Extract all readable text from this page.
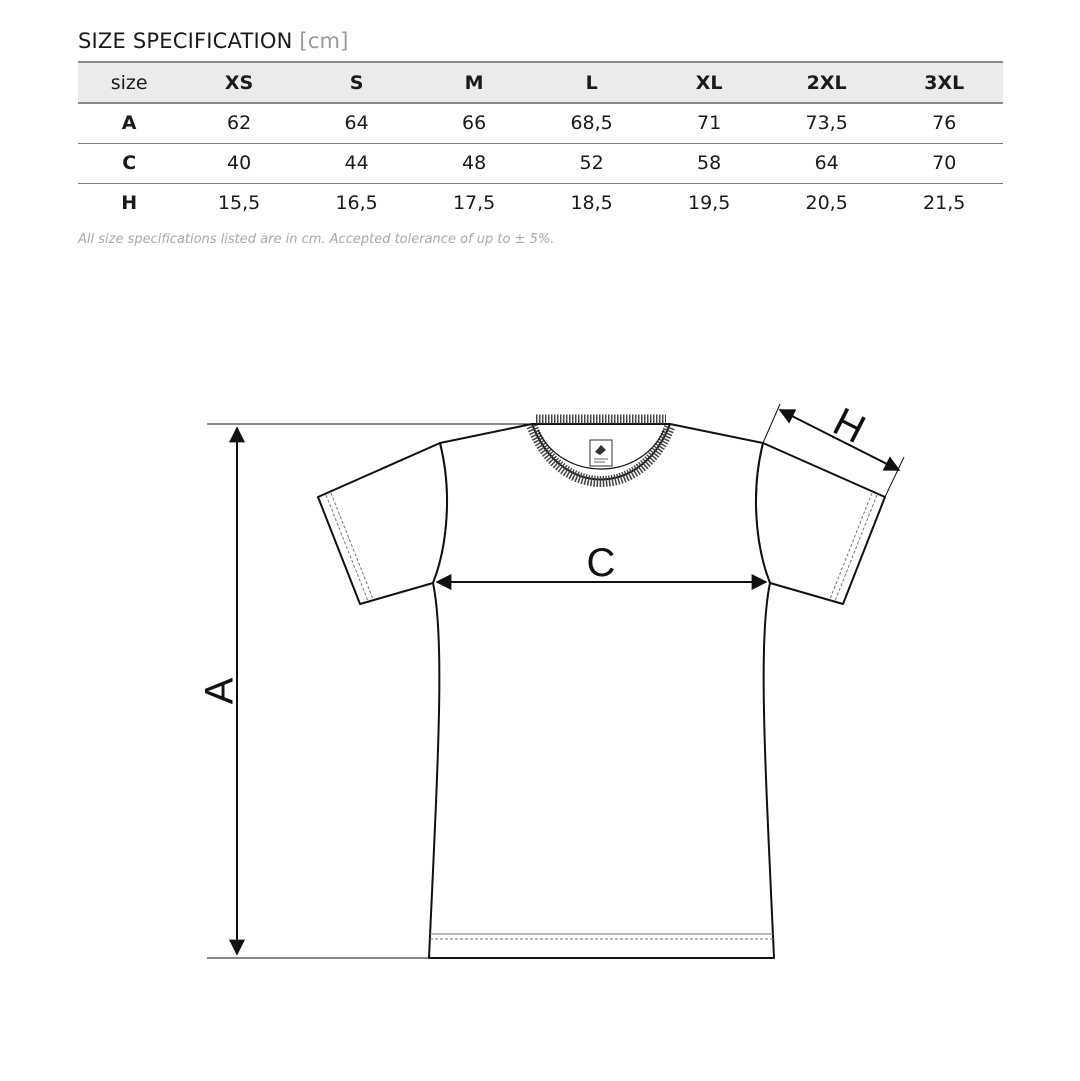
SIZE SPECIFICATION [cm]
size	XS	S	M	L	XL	2XL	3XL
A	62	64	66	68,5	71	73,5	76
C	40	44	48	52	58	64	70
H	15,5	16,5	17,5	18,5	19,5	20,5	21,5
All size specifications listed are in cm. Accepted tolerance of up to ± 5%.
A
C
H
